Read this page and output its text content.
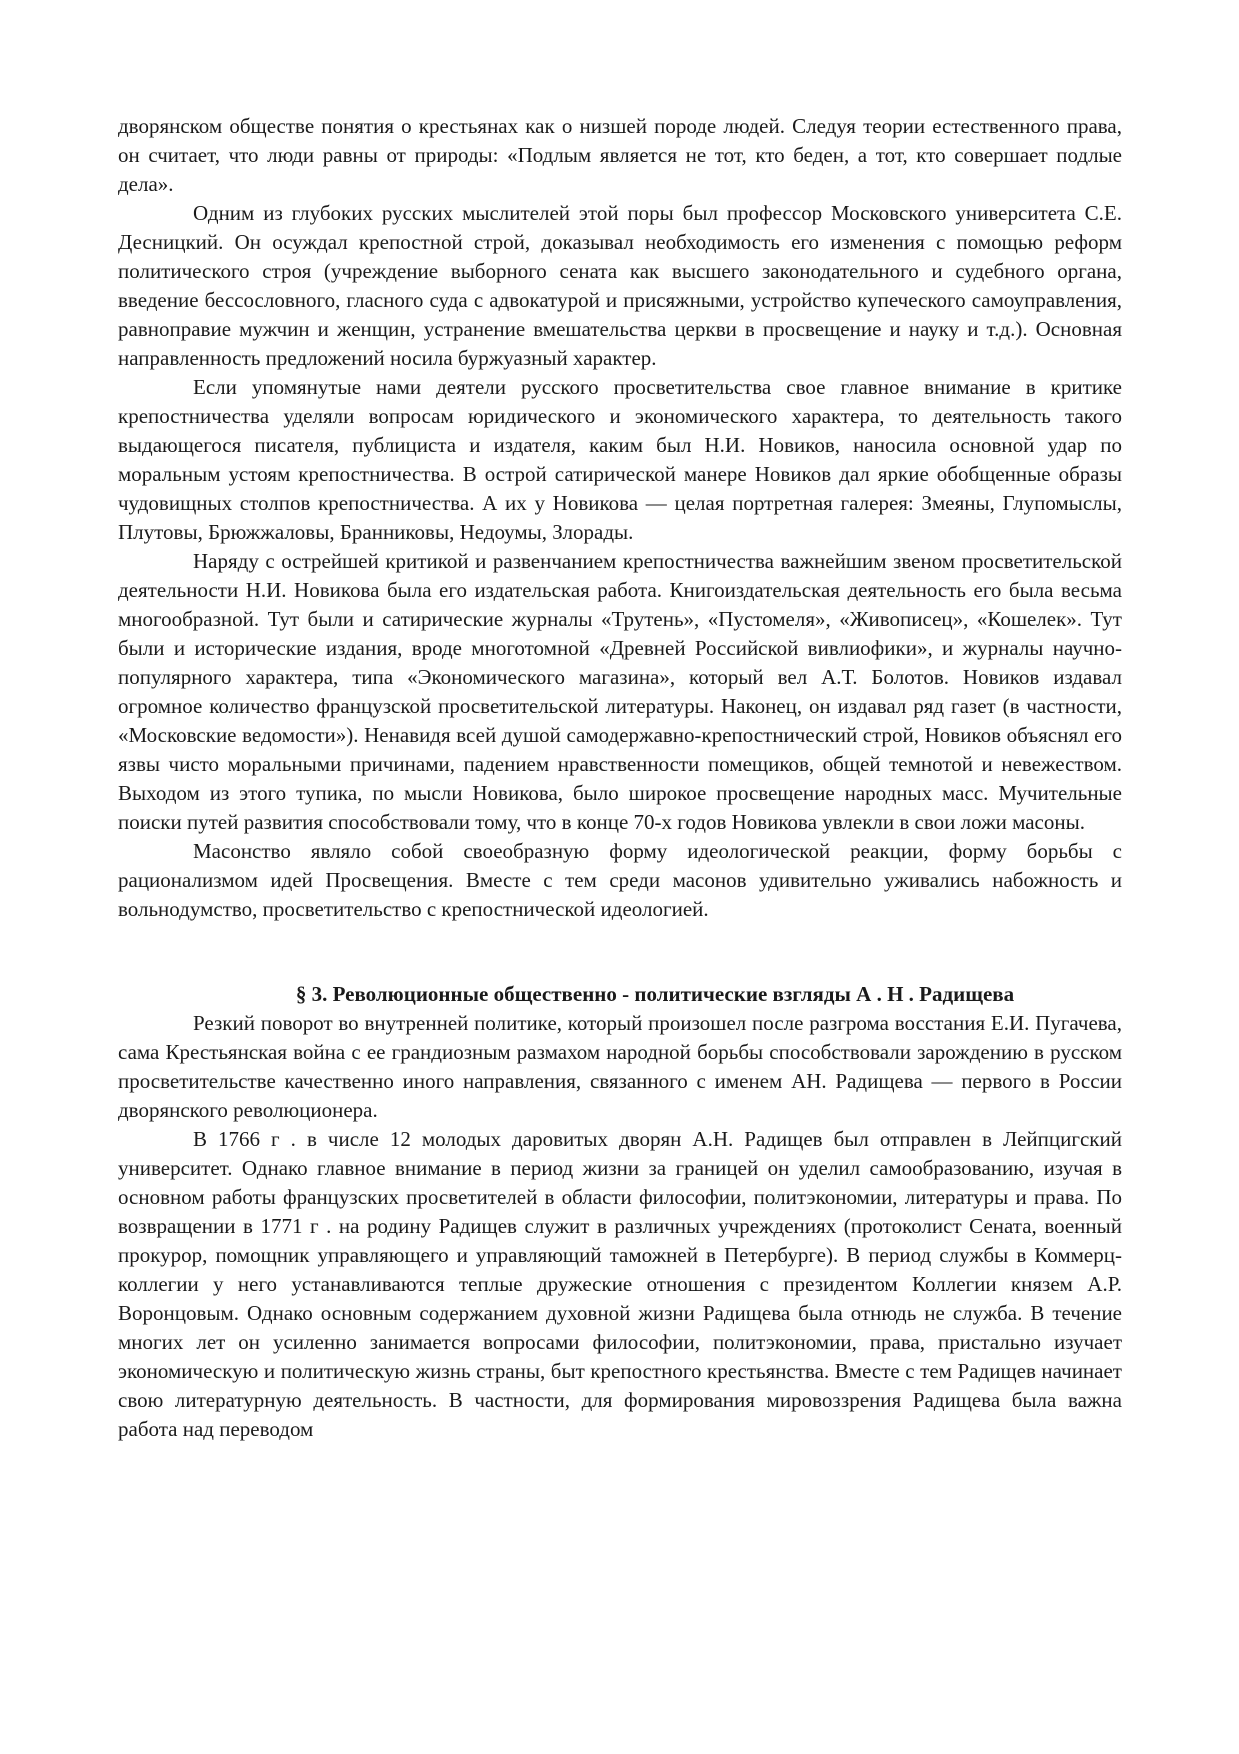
дворянском обществе понятия о крестьянах как о низшей породе людей. Следуя теории естественного права, он считает, что люди равны от природы: «Подлым является не тот, кто беден, а тот, кто совершает подлые дела».

Одним из глубоких русских мыслителей этой поры был профессор Московского университета С.Е. Десницкий. Он осуждал крепостной строй, доказывал необходимость его изменения с помощью реформ политического строя (учреждение выборного сената как высшего законодательного и судебного органа, введение бессословного, гласного суда с адвокатурой и присяжными, устройство купеческого самоуправления, равноправие мужчин и женщин, устранение вмешательства церкви в просвещение и науку и т.д.). Основная направленность предложений носила буржуазный характер.

Если упомянутые нами деятели русского просветительства свое главное внимание в критике крепостничества уделяли вопросам юридического и экономического характера, то деятельность такого выдающегося писателя, публициста и издателя, каким был Н.И. Новиков, наносила основной удар по моральным устоям крепостничества. В острой сатирической манере Новиков дал яркие обобщенные образы чудовищных столпов крепостничества. А их у Новикова — целая портретная галерея: Змеяны, Глупомыслы, Плутовы, Брюжжаловы, Бранниковы, Недоумы, Злорады.

Наряду с острейшей критикой и развенчанием крепостничества важнейшим звеном просветительской деятельности Н.И. Новикова была его издательская работа. Книгоиздательская деятельность его была весьма многообразной. Тут были и сатирические журналы «Трутень», «Пустомеля», «Живописец», «Кошелек». Тут были и исторические издания, вроде многотомной «Древней Российской вивлиофики», и журналы научно-популярного характера, типа «Экономического магазина», который вел А.Т. Болотов. Новиков издавал огромное количество французской просветительской литературы. Наконец, он издавал ряд газет (в частности, «Московские ведомости»). Ненавидя всей душой самодержавно-крепостнический строй, Новиков объяснял его язвы чисто моральными причинами, падением нравственности помещиков, общей темнотой и невежеством. Выходом из этого тупика, по мысли Новикова, было широкое просвещение народных масс. Мучительные поиски путей развития способствовали тому, что в конце 70-х годов Новикова увлекли в свои ложи масоны.

Масонство являло собой своеобразную форму идеологической реакции, форму борьбы с рационализмом идей Просвещения. Вместе с тем среди масонов удивительно уживались набожность и вольнодумство, просветительство с крепостнической идеологией.

§ 3. Революционные общественно - политические взгляды А . Н . Радищева

Резкий поворот во внутренней политике, который произошел после разгрома восстания Е.И. Пугачева, сама Крестьянская война с ее грандиозным размахом народной борьбы способствовали зарождению в русском просветительстве качественно иного направления, связанного с именем АН. Радищева — первого в России дворянского революционера.

В 1766 г . в числе 12 молодых даровитых дворян А.Н. Радищев был отправлен в Лейпцигский университет. Однако главное внимание в период жизни за границей он уделил самообразованию, изучая в основном работы французских просветителей в области философии, политэкономии, литературы и права. По возвращении в 1771 г . на родину Радищев служит в различных учреждениях (протоколист Сената, военный прокурор, помощник управляющего и управляющий таможней в Петербурге). В период службы в Коммерц-коллегии у него устанавливаются теплые дружеские отношения с президентом Коллегии князем А.Р. Воронцовым. Однако основным содержанием духовной жизни Радищева была отнюдь не служба. В течение многих лет он усиленно занимается вопросами философии, политэкономии, права, пристально изучает экономическую и политическую жизнь страны, быт крепостного крестьянства. Вместе с тем Радищев начинает свою литературную деятельность. В частности, для формирования мировоззрения Радищева была важна работа над переводом
